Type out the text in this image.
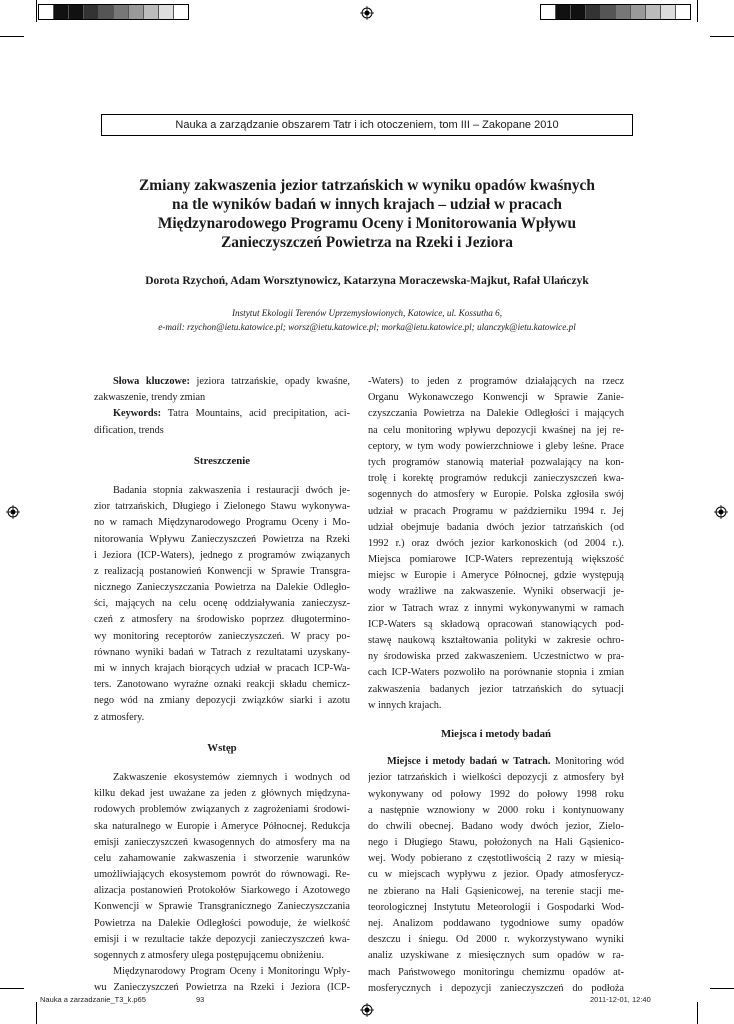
Nauka a zarządzanie obszarem Tatr i ich otoczeniem, tom III – Zakopane 2010
Zmiany zakwaszenia jezior tatrzańskich w wyniku opadów kwaśnych
na tle wyników badań w innych krajach – udział w pracach
Międzynarodowego Programu Oceny i Monitorowania Wpływu
Zanieczyszczeń Powietrza na Rzeki i Jeziora
Dorota Rzychoń, Adam Worsztynowicz, Katarzyna Moraczewska-Majkut, Rafał Ulańczyk
Instytut Ekologii Terenów Uprzemysłowionych, Katowice, ul. Kossutha 6,
e-mail: rzychon@ietu.katowice.pl; worsz@ietu.katowice.pl; morka@ietu.katowice.pl; ulanczyk@ietu.katowice.pl
Słowa kluczowe: jeziora tatrzańskie, opady kwaśne,
zakwaszenie, trendy zmian
Keywords: Tatra Mountains, acid precipitation, aci-
dification, trends
Streszczenie
Badania stopnia zakwaszenia i restauracji dwóch je-
zior tatrzańskich, Długiego i Zielonego Stawu wykonywa-
no w ramach Międzynarodowego Programu Oceny i Mo-
nitorowania Wpływu Zanieczyszczeń Powietrza na Rzeki
i Jeziora (ICP-Waters), jednego z programów związanych
z realizacją postanowień Konwencji w Sprawie Transgra-
nicznego Zanieczyszczania Powietrza na Dalekie Odległo-
ści, mających na celu ocenę oddziaływania zanieczysz-
czeń z atmosfery na środowisko poprzez długotermino-
wy monitoring receptorów zanieczyszczeń. W pracy po-
równano wyniki badań w Tatrach z rezultatami uzyskany-
mi w innych krajach biorących udział w pracach ICP-Wa-
ters. Zanotowano wyraźne oznaki reakcji składu chemicz-
nego wód na zmiany depozycji związków siarki i azotu
z atmosfery.
Wstęp
Zakwaszenie ekosystemów ziemnych i wodnych od
kilku dekad jest uważane za jeden z głównych międzyna-
rodowych problemów związanych z zagrożeniami środowi-
ska naturalnego w Europie i Ameryce Północnej. Redukcja
emisji zanieczyszczeń kwasogennych do atmosfery ma na
celu zahamowanie zakwaszenia i stworzenie warunków
umożliwiających ekosystemom powrót do równowagi. Re-
alizacja postanowień Protokołów Siarkowego i Azotowego
Konwencji w Sprawie Transgranicznego Zanieczyszczania
Powietrza na Dalekie Odległości powoduje, że wielkość
emisji i w rezultacie także depozycji zanieczyszczeń kwa-
sogennych z atmosfery ulega postępującemu obniżeniu.
Międzynarodowy Program Oceny i Monitoringu Wpły-
wu Zanieczyszczeń Powietrza na Rzeki i Jeziora (ICP-
-Waters) to jeden z programów działających na rzecz
Organu Wykonawczego Konwencji w Sprawie Zanie-
czyszczania Powietrza na Dalekie Odległości i mających
na celu monitoring wpływu depozycji kwaśnej na jej re-
ceptory, w tym wody powierzchniowe i gleby leśne. Prace
tych programów stanowią materiał pozwalający na kon-
trolę i korektę programów redukcji zanieczyszczeń kwa-
sogennych do atmosfery w Europie. Polska zgłosiła swój
udział w pracach Programu w październiku 1994 r. Jej
udział obejmuje badania dwóch jezior tatrzańskich (od
1992 r.) oraz dwóch jezior karkonoskich (od 2004 r.).
Miejsca pomiarowe ICP-Waters reprezentują większość
miejsc w Europie i Ameryce Północnej, gdzie występują
wody wrażliwe na zakwaszenie. Wyniki obserwacji je-
zior w Tatrach wraz z innymi wykonywanymi w ramach
ICP-Waters są składową opracowań stanowiących pod-
stawę naukową kształtowania polityki w zakresie ochro-
ny środowiska przed zakwaszeniem. Uczestnictwo w pra-
cach ICP-Waters pozwoliło na porównanie stopnia i zmian
zakwaszenia badanych jezior tatrzańskich do sytuacji
w innych krajach.
Miejsca i metody badań
Miejsce i metody badań w Tatrach. Monitoring wód
jezior tatrzańskich i wielkości depozycji z atmosfery był
wykonywany od połowy 1992 do połowy 1998 roku
a następnie wznowiony w 2000 roku i kontynuowany
do chwili obecnej. Badano wody dwóch jezior, Zielo-
nego i Długiego Stawu, położonych na Hali Gąsienico-
wej. Wody pobierano z częstotliwością 2 razy w miesią-
cu w miejscach wypływu z jezior. Opady atmosferycz-
ne zbierano na Hali Gąsienicowej, na terenie stacji me-
teorologicznej Instytutu Meteorologii i Gospodarki Wod-
nej. Analizom poddawano tygodniowe sumy opadów
deszczu i śniegu. Od 2000 r. wykorzystywano wyniki
analiz uzyskiwane z miesięcznych sum opadów w ra-
mach Państwowego monitoringu chemizmu opadów at-
mosferycznych i depozycji zanieczyszczeń do podłoża
Nauka a zarzadzanie_T3_k.p65	93	2011-12-01, 12:40
